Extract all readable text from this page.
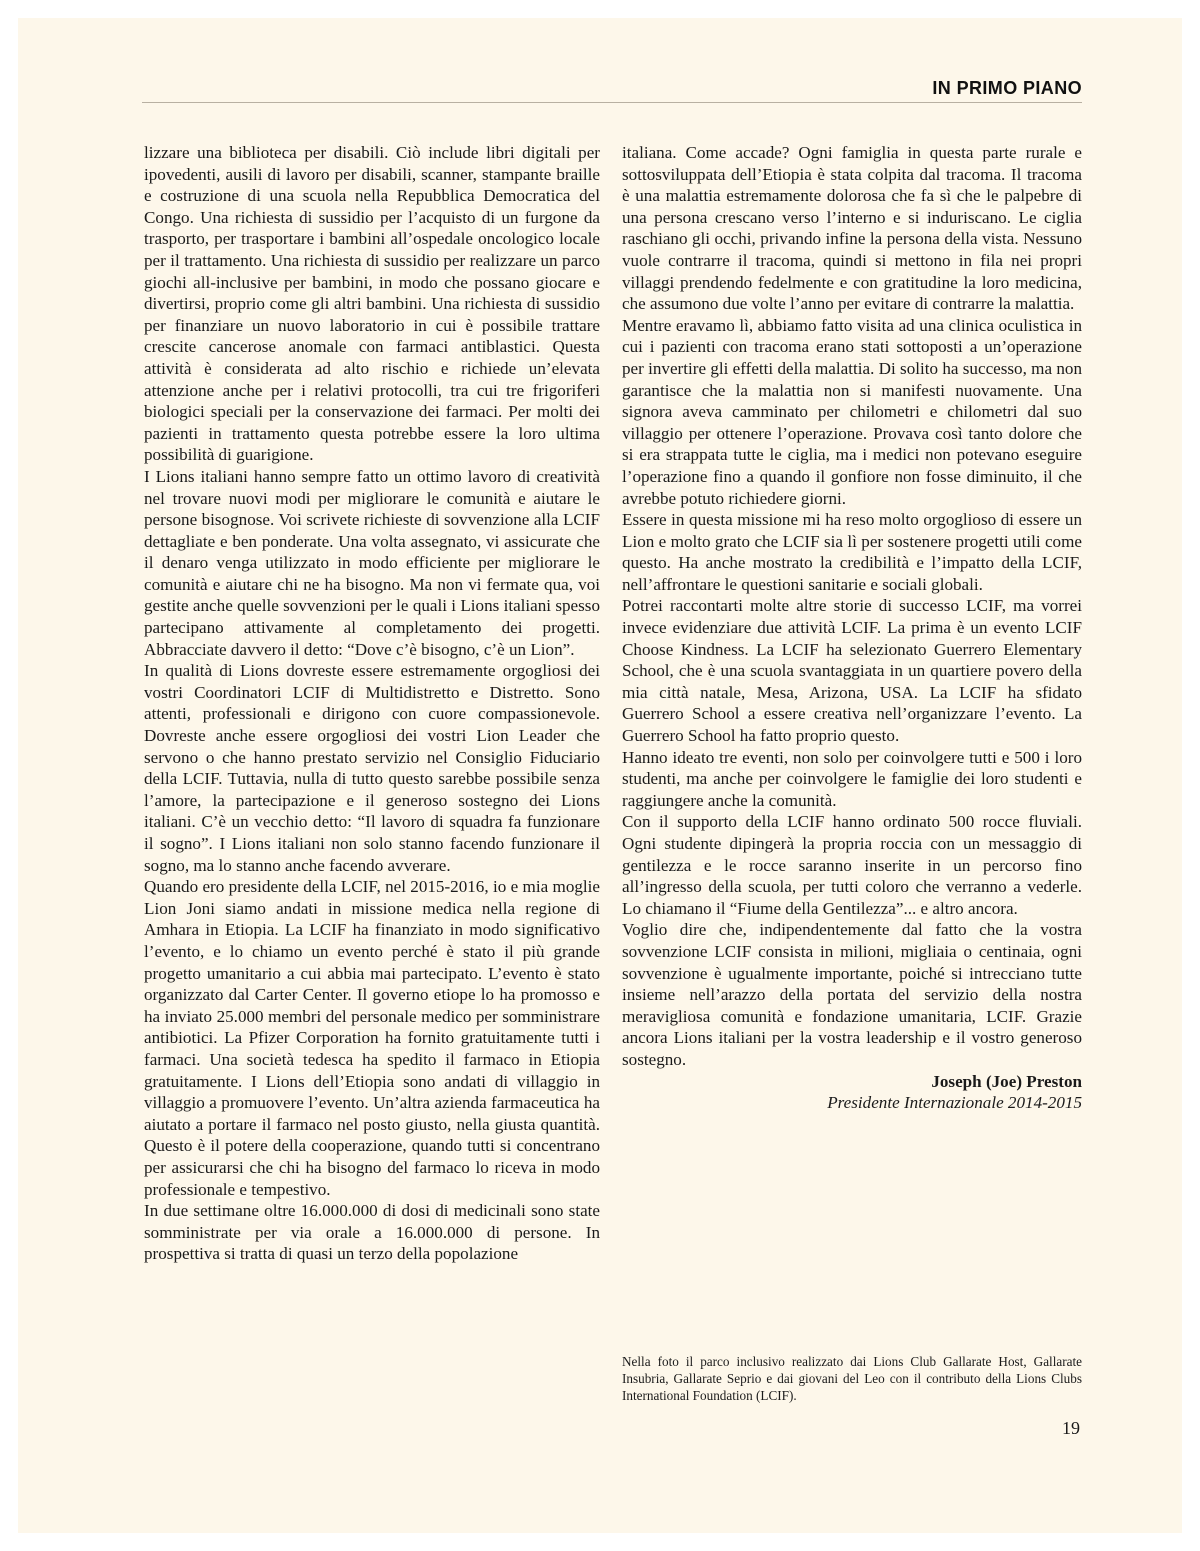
IN PRIMO PIANO

lizzare una biblioteca per disabili. Ciò include libri digitali per ipovedenti, ausili di lavoro per disabili, scanner, stampante braille e costruzione di una scuola nella Repubblica Democratica del Congo. Una richiesta di sussidio per l’acquisto di un furgone da trasporto, per trasportare i bambini all’ospedale oncologico locale per il trattamento. Una richiesta di sussidio per realizzare un parco giochi all-inclusive per bambini, in modo che possano giocare e divertirsi, proprio come gli altri bambini. Una richiesta di sussidio per finanziare un nuovo laboratorio in cui è possibile trattare crescite cancerose anomale con farmaci antiblastici. Questa attività è considerata ad alto rischio e richiede un’elevata attenzione anche per i relativi protocolli, tra cui tre frigoriferi biologici speciali per la conservazione dei farmaci. Per molti dei pazienti in trattamento questa potrebbe essere la loro ultima possibilità di guarigione.

I Lions italiani hanno sempre fatto un ottimo lavoro di creatività nel trovare nuovi modi per migliorare le comunità e aiutare le persone bisognose. Voi scrivete richieste di sovvenzione alla LCIF dettagliate e ben ponderate. Una volta assegnato, vi assicurate che il denaro venga utilizzato in modo efficiente per migliorare le comunità e aiutare chi ne ha bisogno. Ma non vi fermate qua, voi gestite anche quelle sovvenzioni per le quali i Lions italiani spesso partecipano attivamente al completamento dei progetti. Abbracciate davvero il detto: “Dove c’è bisogno, c’è un Lion”.

In qualità di Lions dovreste essere estremamente orgogliosi dei vostri Coordinatori LCIF di Multidistretto e Distretto. Sono attenti, professionali e dirigono con cuore compassionevole. Dovreste anche essere orgogliosi dei vostri Lion Leader che servono o che hanno prestato servizio nel Consiglio Fiduciario della LCIF. Tuttavia, nulla di tutto questo sarebbe possibile senza l’amore, la partecipazione e il generoso sostegno dei Lions italiani. C’è un vecchio detto: “Il lavoro di squadra fa funzionare il sogno”. I Lions italiani non solo stanno facendo funzionare il sogno, ma lo stanno anche facendo avverare.

Quando ero presidente della LCIF, nel 2015-2016, io e mia moglie Lion Joni siamo andati in missione medica nella regione di Amhara in Etiopia. La LCIF ha finanziato in modo significativo l’evento, e lo chiamo un evento perché è stato il più grande progetto umanitario a cui abbia mai partecipato. L’evento è stato organizzato dal Carter Center. Il governo etiope lo ha promosso e ha inviato 25.000 membri del personale medico per somministrare antibiotici. La Pfizer Corporation ha fornito gratuitamente tutti i farmaci. Una società tedesca ha spedito il farmaco in Etiopia gratuitamente. I Lions dell’Etiopia sono andati di villaggio in villaggio a promuovere l’evento. Un’altra azienda farmaceutica ha aiutato a portare il farmaco nel posto giusto, nella giusta quantità. Questo è il potere della cooperazione, quando tutti si concentrano per assicurarsi che chi ha bisogno del farmaco lo riceva in modo professionale e tempestivo.

In due settimane oltre 16.000.000 di dosi di medicinali sono state somministrate per via orale a 16.000.000 di persone. In prospettiva si tratta di quasi un terzo della popolazione

italiana. Come accade? Ogni famiglia in questa parte rurale e sottosviluppata dell’Etiopia è stata colpita dal tracoma. Il tracoma è una malattia estremamente dolorosa che fa sì che le palpebre di una persona crescano verso l’interno e si induriscano. Le ciglia raschiano gli occhi, privando infine la persona della vista. Nessuno vuole contrarre il tracoma, quindi si mettono in fila nei propri villaggi prendendo fedelmente e con gratitudine la loro medicina, che assumono due volte l’anno per evitare di contrarre la malattia.

Mentre eravamo lì, abbiamo fatto visita ad una clinica oculistica in cui i pazienti con tracoma erano stati sottoposti a un’operazione per invertire gli effetti della malattia. Di solito ha successo, ma non garantisce che la malattia non si manifesti nuovamente. Una signora aveva camminato per chilometri e chilometri dal suo villaggio per ottenere l’operazione. Provava così tanto dolore che si era strappata tutte le ciglia, ma i medici non potevano eseguire l’operazione fino a quando il gonfiore non fosse diminuito, il che avrebbe potuto richiedere giorni.

Essere in questa missione mi ha reso molto orgoglioso di essere un Lion e molto grato che LCIF sia lì per sostenere progetti utili come questo. Ha anche mostrato la credibilità e l’impatto della LCIF, nell’affrontare le questioni sanitarie e sociali globali.

Potrei raccontarti molte altre storie di successo LCIF, ma vorrei invece evidenziare due attività LCIF. La prima è un evento LCIF Choose Kindness. La LCIF ha selezionato Guerrero Elementary School, che è una scuola svantaggiata in un quartiere povero della mia città natale, Mesa, Arizona, USA. La LCIF ha sfidato Guerrero School a essere creativa nell’organizzare l’evento. La Guerrero School ha fatto proprio questo.

Hanno ideato tre eventi, non solo per coinvolgere tutti e 500 i loro studenti, ma anche per coinvolgere le famiglie dei loro studenti e raggiungere anche la comunità.

Con il supporto della LCIF hanno ordinato 500 rocce fluviali. Ogni studente dipingerà la propria roccia con un messaggio di gentilezza e le rocce saranno inserite in un percorso fino all’ingresso della scuola, per tutti coloro che verranno a vederle. Lo chiamano il “Fiume della Gentilezza”... e altro ancora.

Voglio dire che, indipendentemente dal fatto che la vostra sovvenzione LCIF consista in milioni, migliaia o centinaia, ogni sovvenzione è ugualmente importante, poiché si intrecciano tutte insieme nell’arazzo della portata del servizio della nostra meravigliosa comunità e fondazione umanitaria, LCIF. Grazie ancora Lions italiani per la vostra leadership e il vostro generoso sostegno.

Joseph (Joe) Preston

Presidente Internazionale 2014-2015

Nella foto il parco inclusivo realizzato dai Lions Club Gallarate Host, Gallarate Insubria, Gallarate Seprio e dai giovani del Leo con il contributo della Lions Clubs International Foundation (LCIF).
19
